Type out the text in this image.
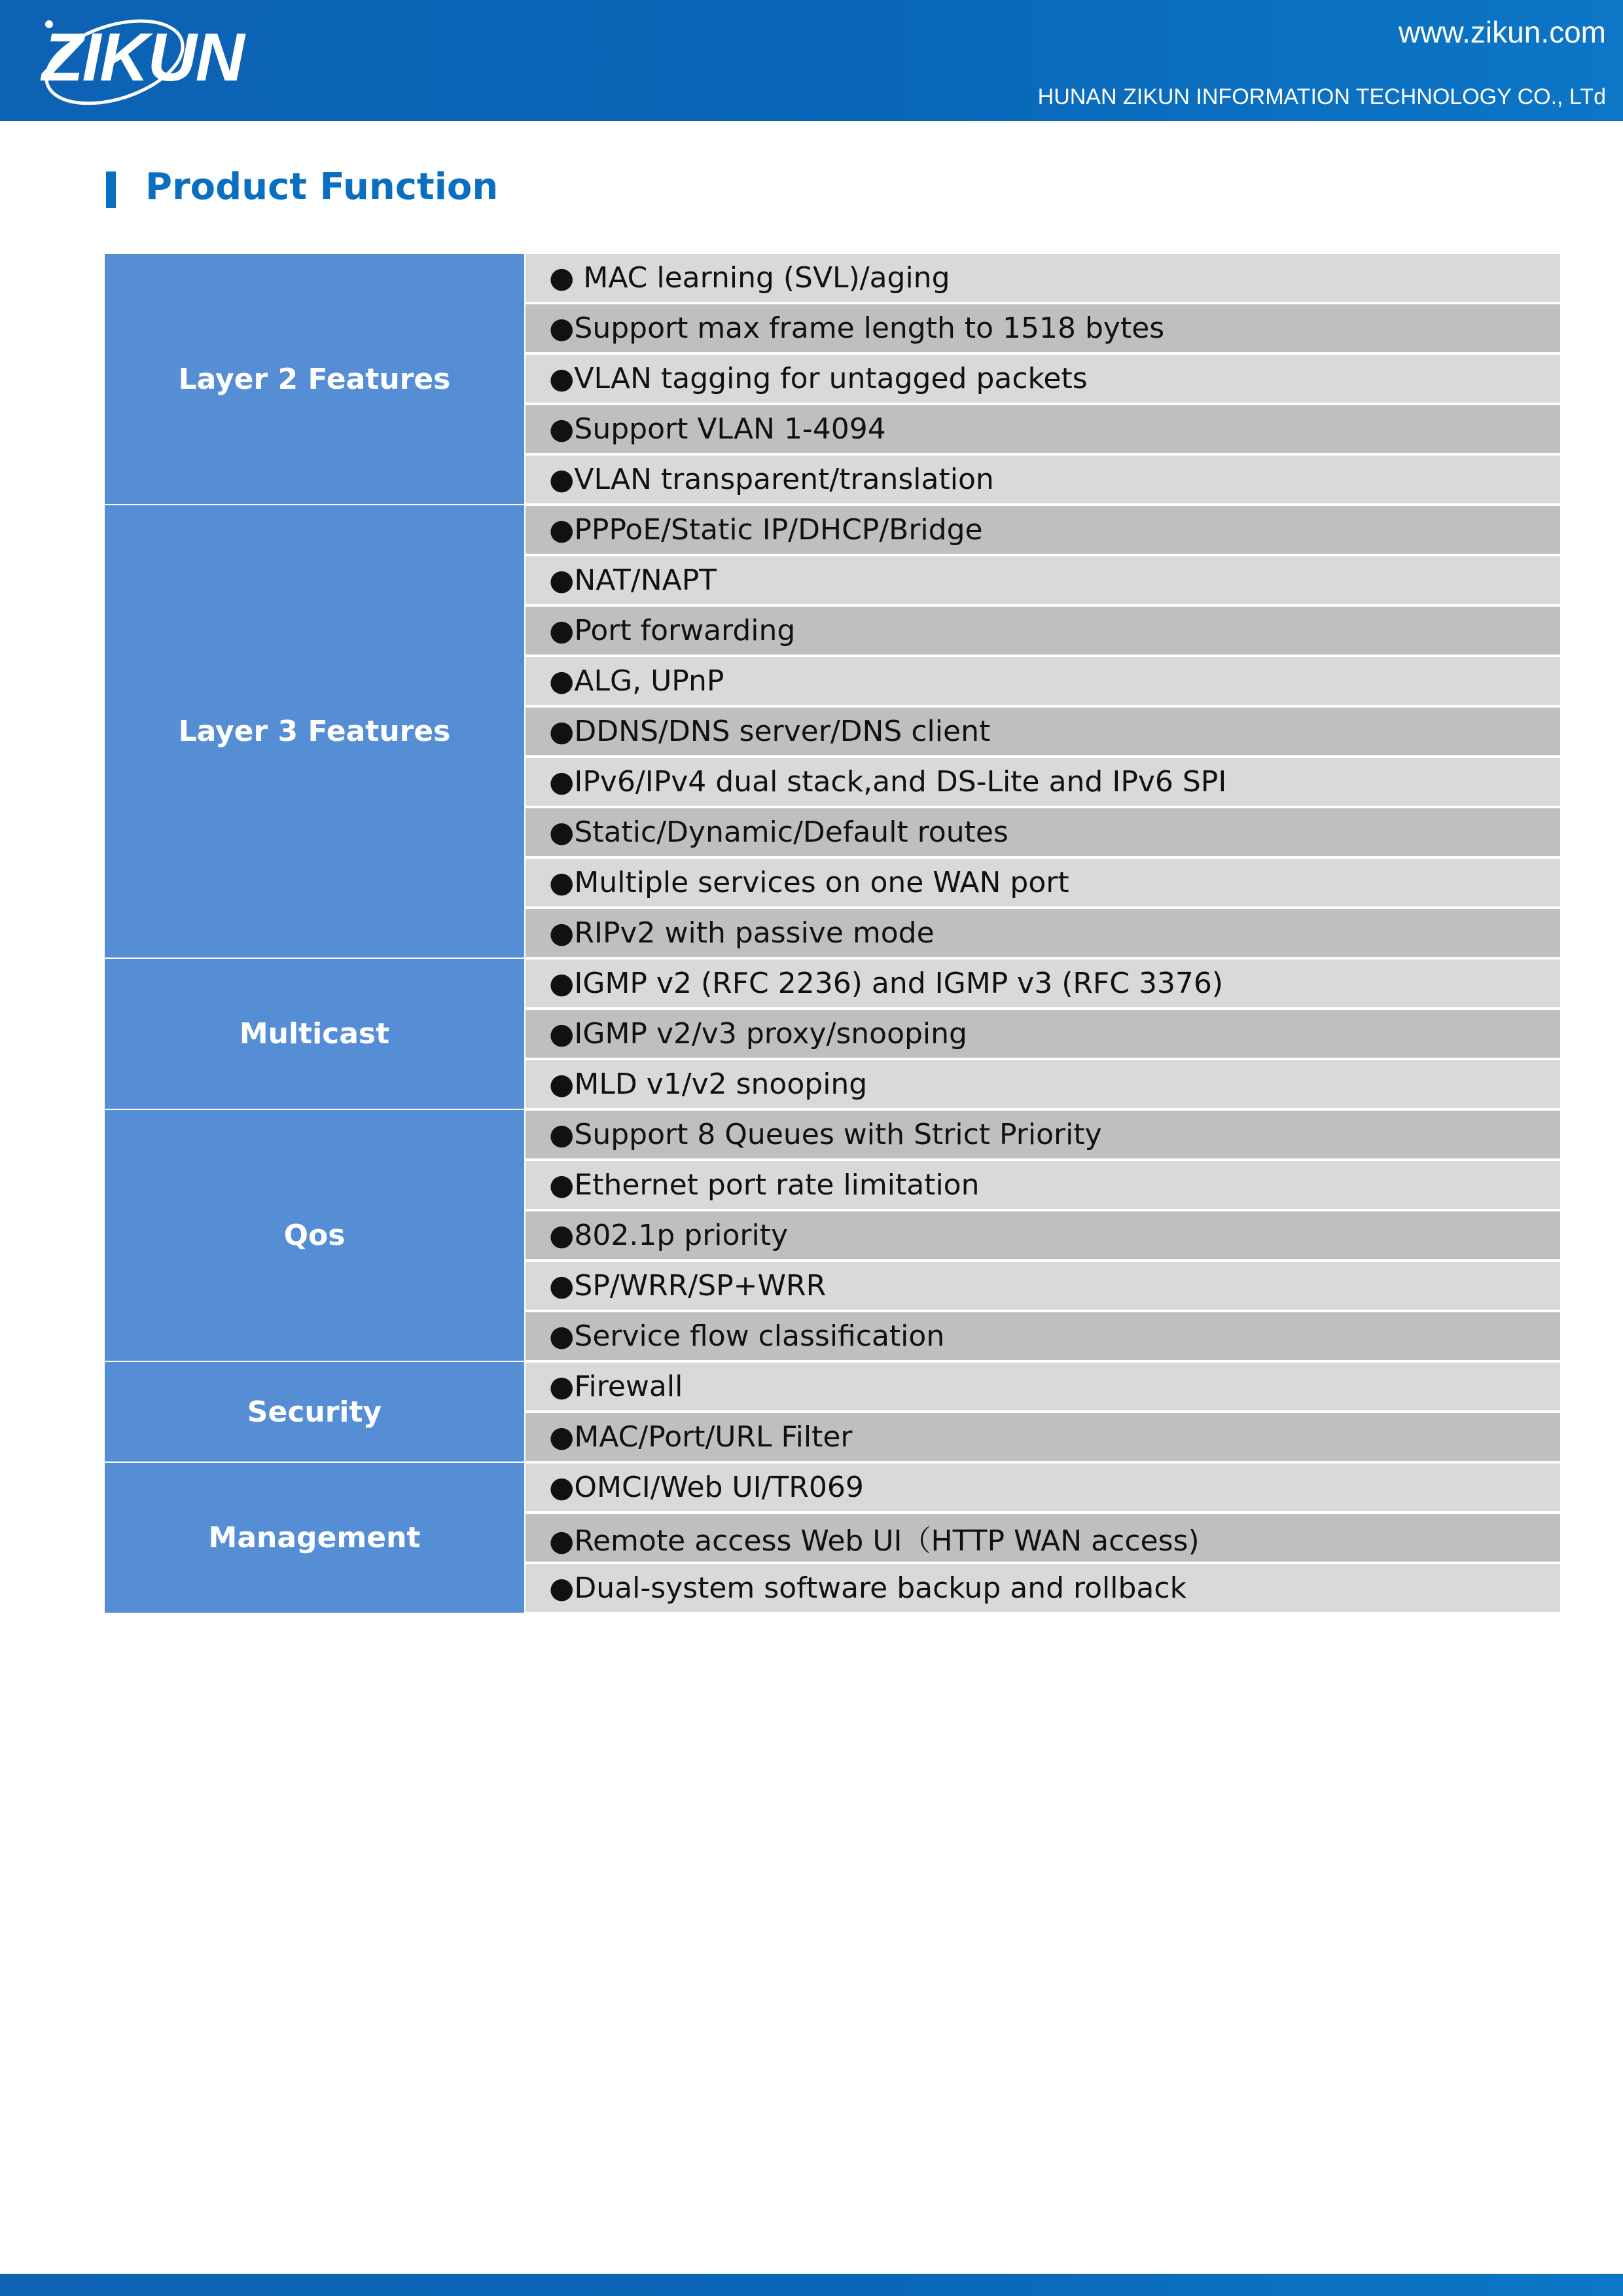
ZIKUN	www.zikun.com
HUNAN ZIKUN INFORMATION TECHNOLOGY CO., LTd
Product Function
Layer 2 Features	● MAC learning (SVL)/aging
	●Support max frame length to 1518 bytes
	●VLAN tagging for untagged packets
	●Support VLAN 1-4094
	●VLAN transparent/translation
Layer 3 Features	●PPPoE/Static IP/DHCP/Bridge
	●NAT/NAPT
	●Port forwarding
	●ALG, UPnP
	●DDNS/DNS server/DNS client
	●IPv6/IPv4 dual stack,and DS-Lite and IPv6 SPI
	●Static/Dynamic/Default routes
	●Multiple services on one WAN port
	●RIPv2 with passive mode
Multicast	●IGMP v2 (RFC 2236) and IGMP v3 (RFC 3376)
	●IGMP v2/v3 proxy/snooping
	●MLD v1/v2 snooping
Qos	●Support 8 Queues with Strict Priority
	●Ethernet port rate limitation
	●802.1p priority
	●SP/WRR/SP+WRR
	●Service flow classification
Security	●Firewall
	●MAC/Port/URL Filter
Management	●OMCI/Web UI/TR069
	●Remote access Web UI（HTTP WAN access)
	●Dual-system software backup and rollback
